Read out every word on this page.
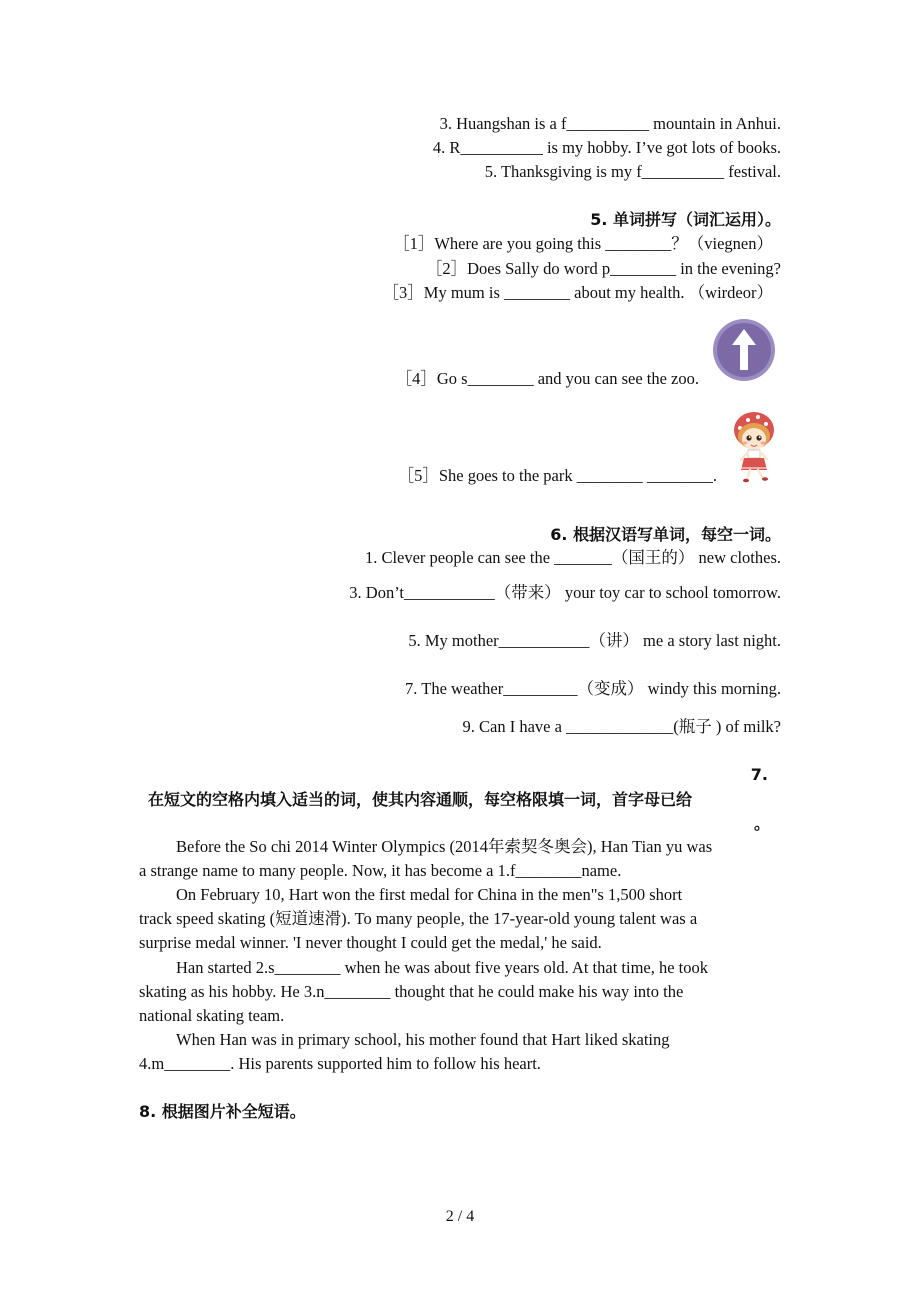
3. Huangshan is a f__________ mountain in Anhui.
4. R__________ is my hobby. I’ve got lots of books.
5. Thanksgiving is my f__________ festival.
5. 单词拼写（词汇运用）。
［1］Where are you going this ________？（viegnen）
［2］Does Sally do word p________ in the evening?
［3］My mum is ________ about my health. （wirdeor）
［4］Go s________ and you can see the zoo.
［5］She goes to the park ________ ________.
6. 根据汉语写单词，每空一词。
1. Clever people can see the _______（国王的） new clothes.
3. Don’t___________（带来） your toy car to school tomorrow.
5. My mother___________（讲） me a story last night.
7. The weather_________（变成） windy this morning.
9. Can I have a _____________(瓶子 ) of milk?
7.
在短文的空格内填入适当的词，使其内容通顺，每空格限填一词，首字母已给
。
Before the So chi 2014 Winter Olympics (2014年索契冬奥会), Han Tian yu was
a strange name to many people. Now, it has become a 1.f________name.
On February 10, Hart won the first medal for China in the men"s 1,500 short
track speed skating (短道速滑). To many people, the 17-year-old young talent was a
surprise medal winner. 'I never thought I could get the medal,' he said.
Han started 2.s________ when he was about five years old. At that time, he took
skating as his hobby. He 3.n________ thought that he could make his way into the
national skating team.
When Han was in primary school, his mother found that Hart liked skating
4.m________. His parents supported him to follow his heart.
8. 根据图片补全短语。
2 / 4
